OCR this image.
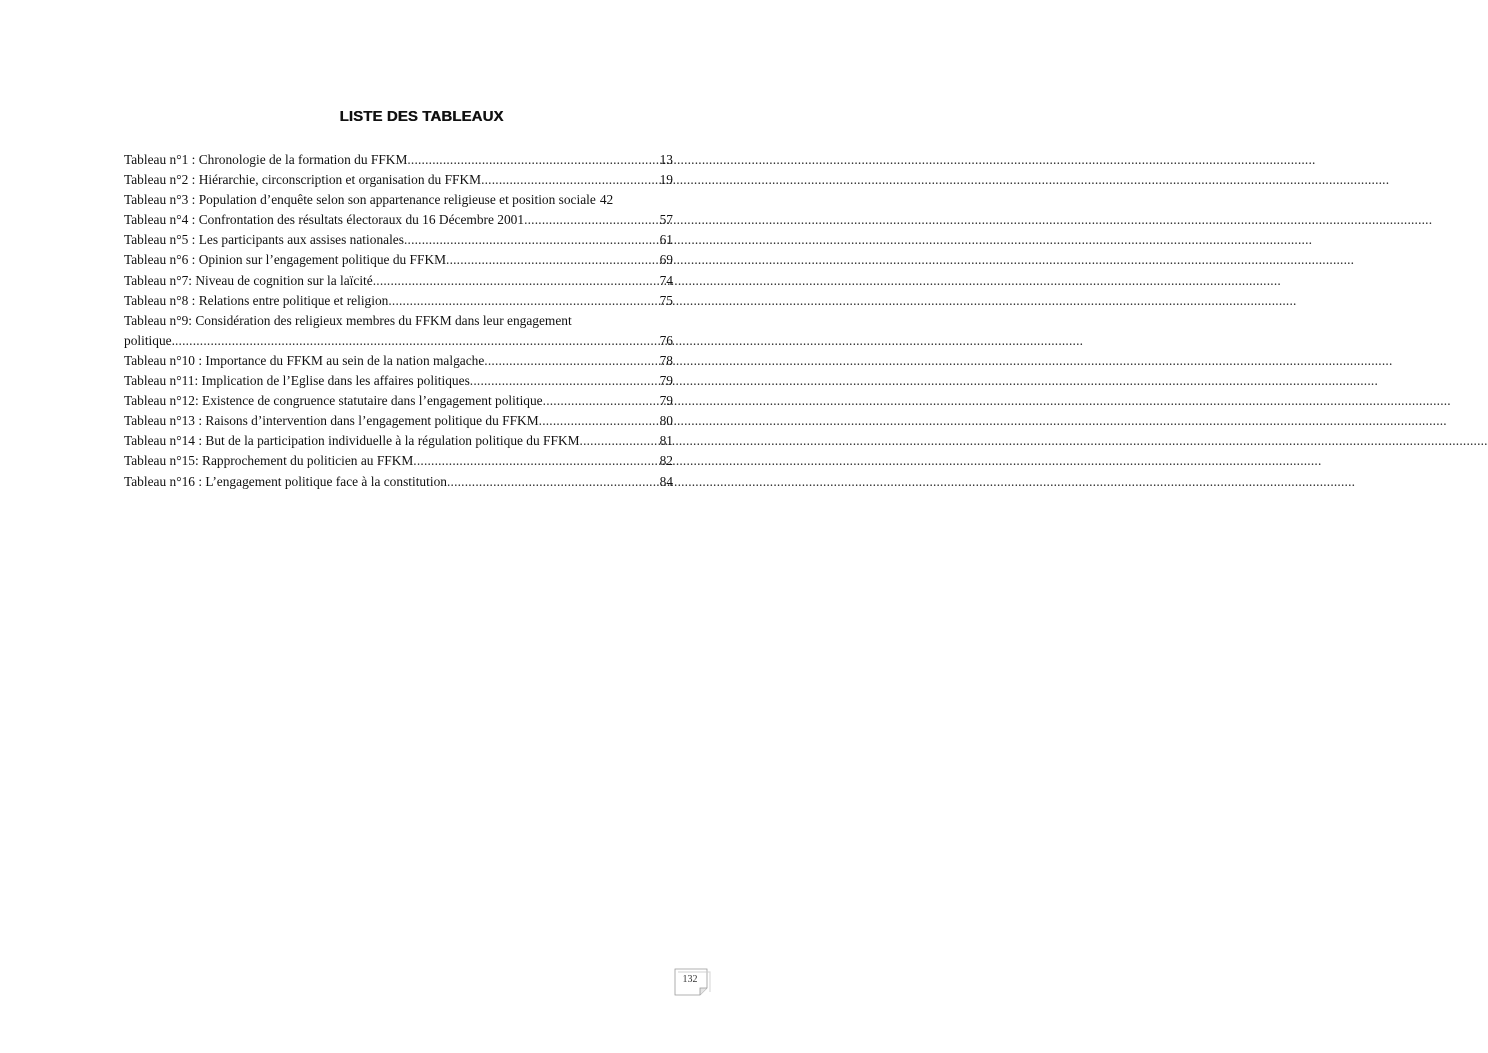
LISTE DES TABLEAUX
Tableau n°1 : Chronologie de la formation du FFKM .....	13
Tableau n°2 : Hiérarchie, circonscription et organisation du FFKM .....	19
Tableau n°3 : Population d’enquête selon son appartenance religieuse et position sociale 42
Tableau n°4 : Confrontation des résultats électoraux du 16 Décembre 2001 .....	57
Tableau n°5 : Les participants aux assises nationales .....	61
Tableau n°6 : Opinion sur l’engagement politique du FFKM .....	69
Tableau n°7: Niveau de cognition sur la laïcité .....	74
Tableau n°8 : Relations entre politique et religion .....	75
Tableau n°9: Considération des religieux membres du FFKM dans leur engagement
politique. .....	76
Tableau n°10 : Importance du FFKM au sein de la nation malgache .....	78
Tableau n°11: Implication de l’Eglise dans les affaires politiques .....	79
Tableau n°12: Existence de congruence statutaire dans l’engagement politique .....	79
Tableau n°13 : Raisons d’intervention dans l’engagement politique du FFKM .....	80
Tableau n°14 : But de la participation individuelle à la régulation politique du FFKM .....	81
Tableau n°15: Rapprochement du politicien au FFKM .....	82
Tableau n°16 : L’engagement politique face à la constitution .....	84
132
